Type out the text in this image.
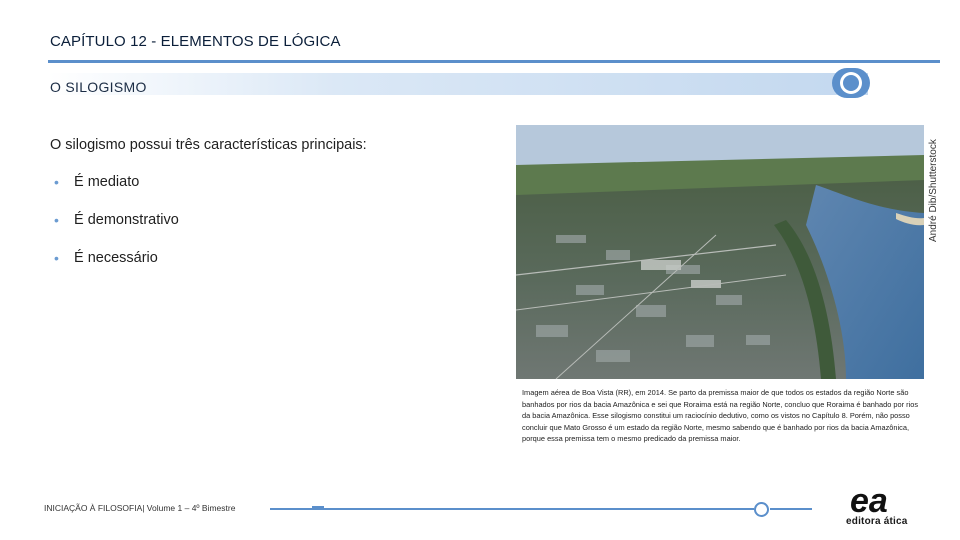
CAPÍTULO 12 - ELEMENTOS DE LÓGICA
O SILOGISMO
O silogismo possui três características principais:
• É mediato
• É demonstrativo
• É necessário
André Dib/Shutterstock
Imagem aérea de Boa Vista (RR), em 2014. Se parto da premissa maior de que todos os estados da região Norte são banhados por rios da bacia Amazônica e sei que Roraima está na região Norte, concluo que Roraima é banhado por rios da bacia Amazônica. Esse silogismo constitui um raciocínio dedutivo, como os vistos no Capítulo 8. Porém, não posso concluir que Mato Grosso é um estado da região Norte, mesmo sabendo que é banhado por rios da bacia Amazônica, porque essa premissa tem o mesmo predicado da premissa maior.
INICIAÇÃO À FILOSOFIA| Volume 1 – 4º Bimestre	ea
editora ática
